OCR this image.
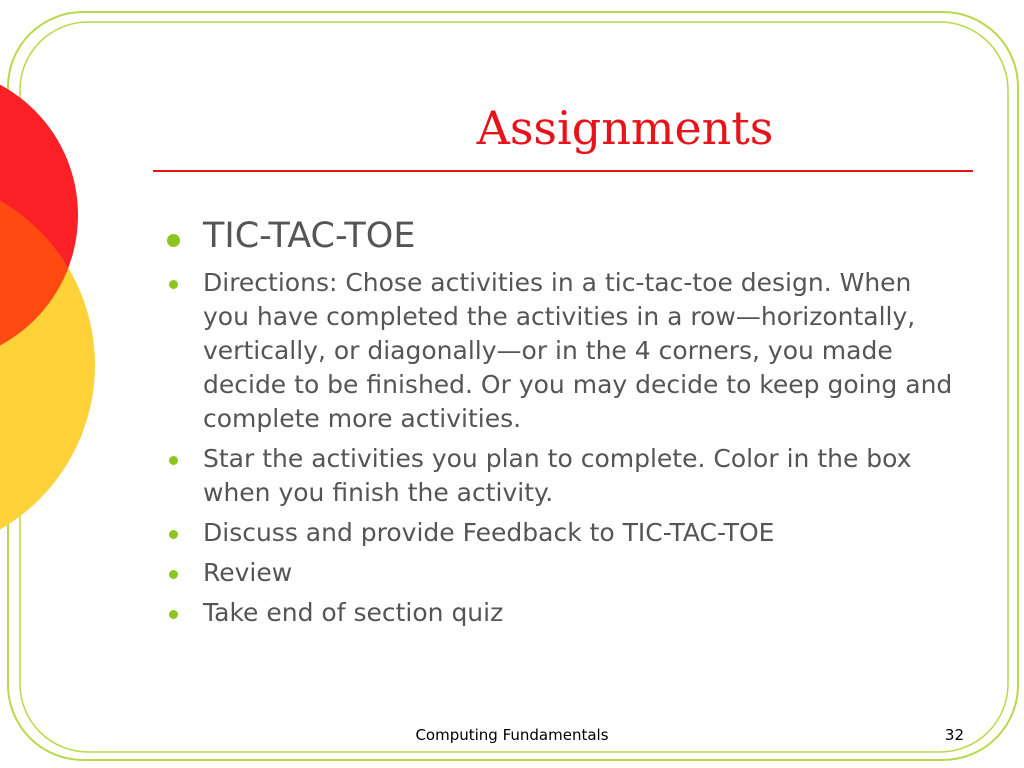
Assignments
TIC-TAC-TOE
Directions: Chose activities in a tic-tac-toe design. When you have completed the activities in a row—horizontally, vertically, or diagonally—or in the 4 corners, you made decide to be finished. Or you may decide to keep going and complete more activities.
Star the activities you plan to complete. Color in the box when you finish the activity.
Discuss and provide Feedback to TIC-TAC-TOE
Review
Take end of section quiz
Computing Fundamentals	32
